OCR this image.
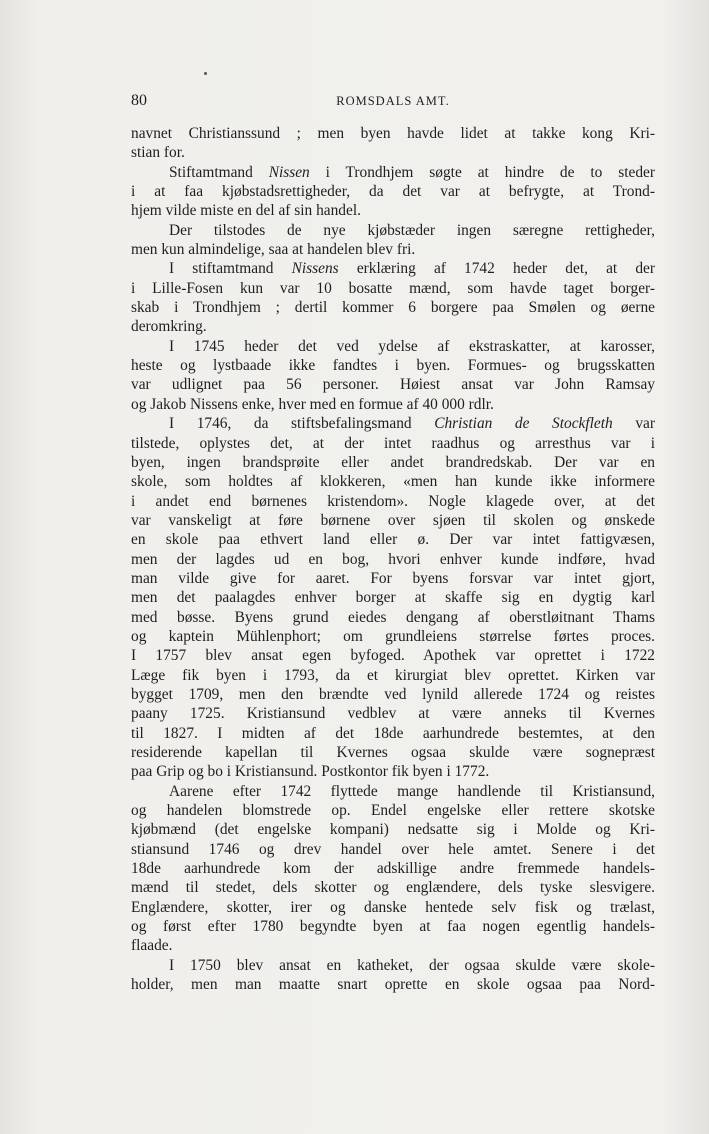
80	ROMSDALS AMT.
navnet Christianssund ; men byen havde lidet at takke kong Kri-
stian for.
Stiftamtmand Nissen i Trondhjem søgte at hindre de to steder
i at faa kjøbstadsrettigheder, da det var at befrygte, at Trond-
hjem vilde miste en del af sin handel.
Der tilstodes de nye kjøbstæder ingen særegne rettigheder,
men kun almindelige, saa at handelen blev fri.
I stiftamtmand Nissens erklæring af 1742 heder det, at der
i Lille-Fosen kun var 10 bosatte mænd, som havde taget borger-
skab i Trondhjem ; dertil kommer 6 borgere paa Smølen og øerne
deromkring.
I 1745 heder det ved ydelse af ekstraskatter, at karosser,
heste og lystbaade ikke fandtes i byen. Formues- og brugsskatten
var udlignet paa 56 personer. Høiest ansat var John Ramsay
og Jakob Nissens enke, hver med en formue af 40 000 rdlr.
I 1746, da stiftsbefalingsmand Christian de Stockfleth var
tilstede, oplystes det, at der intet raadhus og arresthus var i
byen, ingen brandsprøite eller andet brandredskab. Der var en
skole, som holdtes af klokkeren, «men han kunde ikke informere
i andet end børnenes kristendom». Nogle klagede over, at det
var vanskeligt at føre børnene over sjøen til skolen og ønskede
en skole paa ethvert land eller ø. Der var intet fattigvæsen,
men der lagdes ud en bog, hvori enhver kunde indføre, hvad
man vilde give for aaret. For byens forsvar var intet gjort,
men det paalagdes enhver borger at skaffe sig en dygtig karl
med bøsse. Byens grund eiedes dengang af oberstløitnant Thams
og kaptein Mühlenphort; om grundleiens størrelse førtes proces.
I 1757 blev ansat egen byfoged. Apothek var oprettet i 1722
Læge fik byen i 1793, da et kirurgiat blev oprettet. Kirken var
bygget 1709, men den brændte ved lynild allerede 1724 og reistes
paany 1725. Kristiansund vedblev at være anneks til Kvernes
til 1827. I midten af det 18de aarhundrede bestemtes, at den
residerende kapellan til Kvernes ogsaa skulde være sognepræst
paa Grip og bo i Kristiansund. Postkontor fik byen i 1772.
Aarene efter 1742 flyttede mange handlende til Kristiansund,
og handelen blomstrede op. Endel engelske eller rettere skotske
kjøbmænd (det engelske kompani) nedsatte sig i Molde og Kri-
stiansund 1746 og drev handel over hele amtet. Senere i det
18de aarhundrede kom der adskillige andre fremmede handels-
mænd til stedet, dels skotter og englændere, dels tyske slesvigere.
Englændere, skotter, irer og danske hentede selv fisk og trælast,
og først efter 1780 begyndte byen at faa nogen egentlig handels-
flaade.
I 1750 blev ansat en katheket, der ogsaa skulde være skole-
holder, men man maatte snart oprette en skole ogsaa paa Nord-
